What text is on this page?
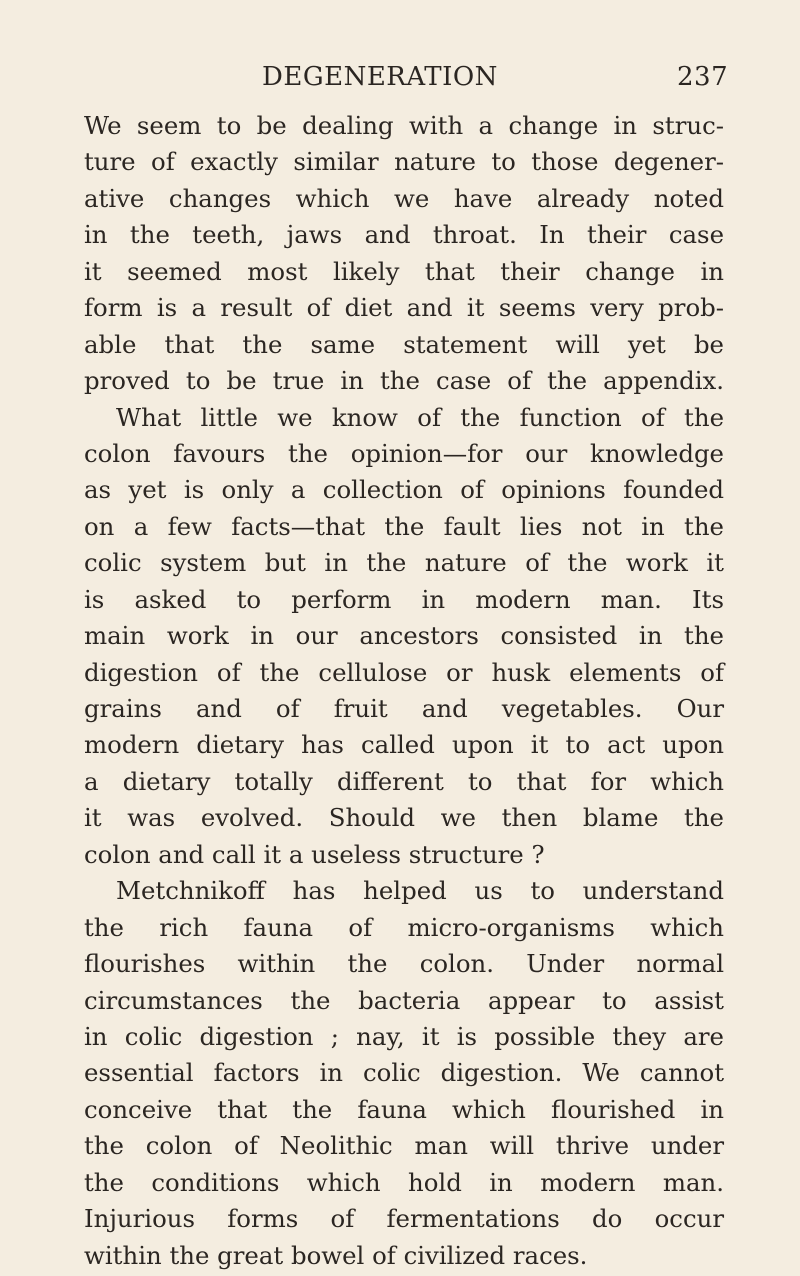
DEGENERATION	237
We seem to be dealing with a change in struc-
ture of exactly similar nature to those degener-
ative changes which we have already noted
in the teeth, jaws and throat. In their case
it seemed most likely that their change in
form is a result of diet and it seems very prob-
able that the same statement will yet be
proved to be true in the case of the appendix.
What little we know of the function of the
colon favours the opinion—for our knowledge
as yet is only a collection of opinions founded
on a few facts—that the fault lies not in the
colic system but in the nature of the work it
is asked to perform in modern man. Its
main work in our ancestors consisted in the
digestion of the cellulose or husk elements of
grains and of fruit and vegetables. Our
modern dietary has called upon it to act upon
a dietary totally different to that for which
it was evolved. Should we then blame the
colon and call it a useless structure ?
Metchnikoff has helped us to understand
the rich fauna of micro-organisms which
flourishes within the colon. Under normal
circumstances the bacteria appear to assist
in colic digestion ; nay, it is possible they are
essential factors in colic digestion. We cannot
conceive that the fauna which flourished in
the colon of Neolithic man will thrive under
the conditions which hold in modern man.
Injurious forms of fermentations do occur
within the great bowel of civilized races.
